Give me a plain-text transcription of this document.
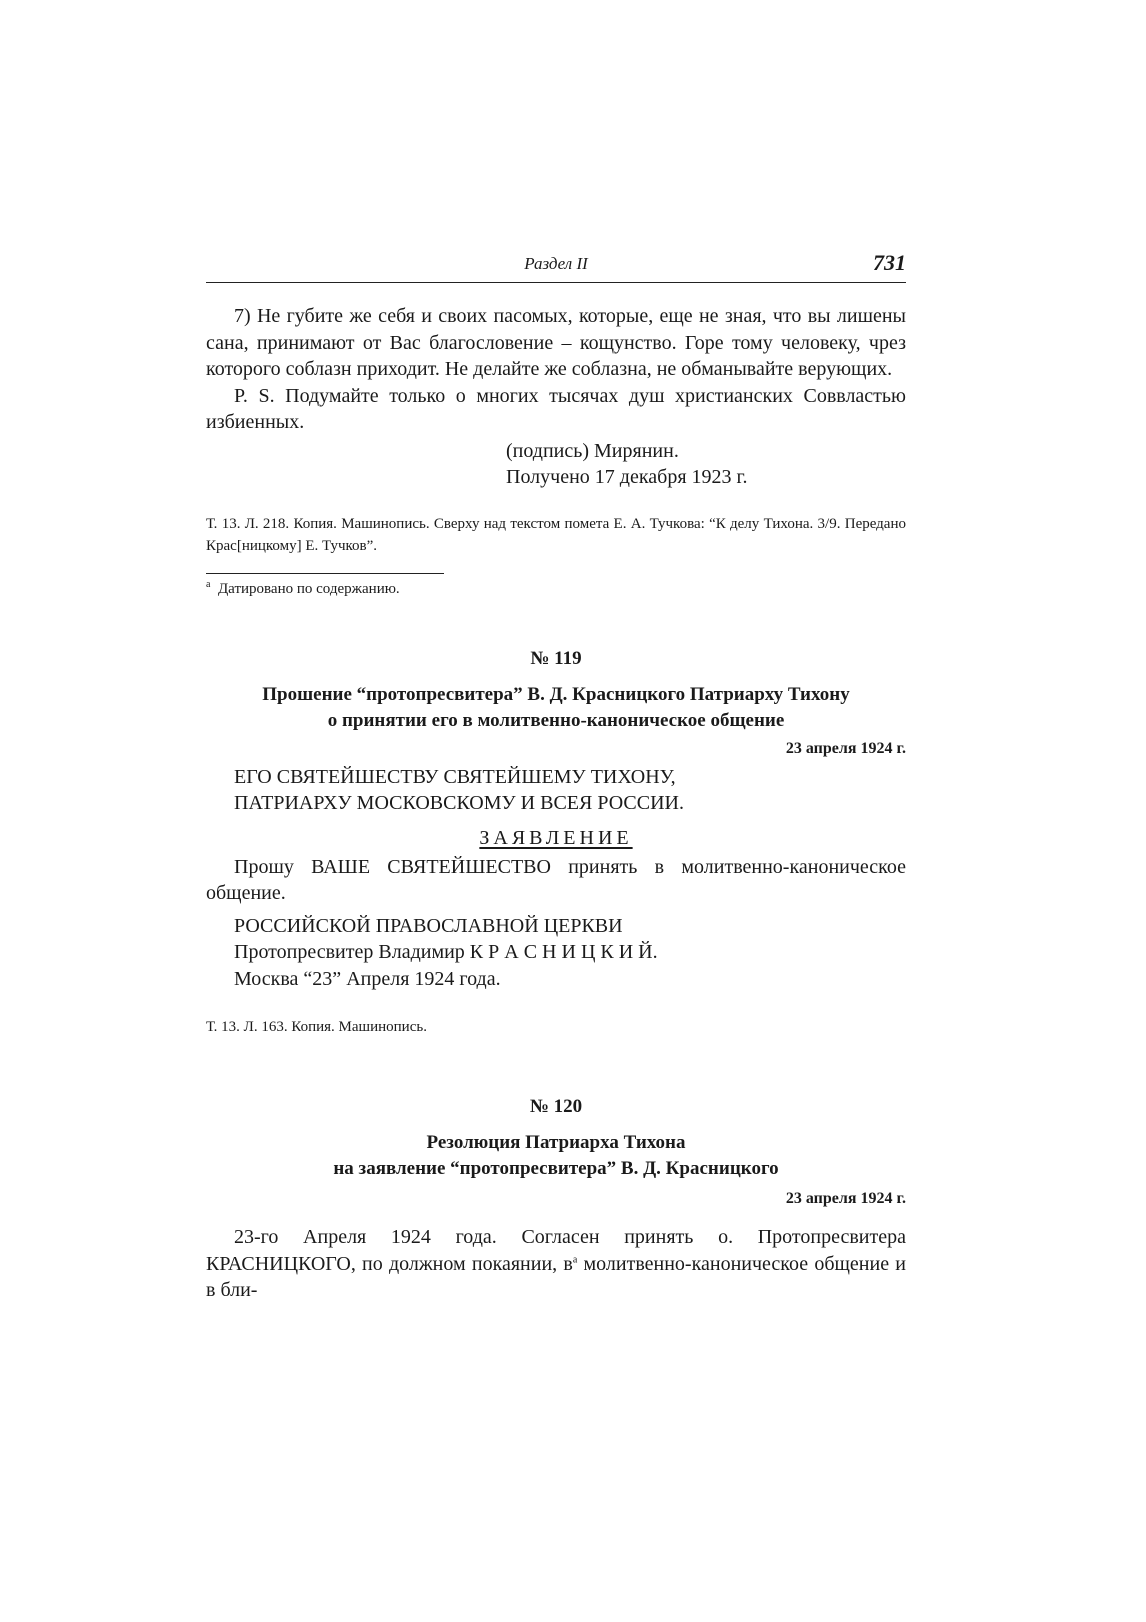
Раздел II	731

7) Не губите же себя и своих пасомых, которые, еще не зная, что вы лишены сана, принимают от Вас благословение – кощунство. Горе тому человеку, чрез которого соблазн приходит. Не делайте же соблазна, не обманывайте верующих.

P. S. Подумайте только о многих тысячах душ христианских Соввластью избиенных.

(подпись) Мирянин.
Получено 17 декабря 1923 г.
Т. 13. Л. 218. Копия. Машинопись. Сверху над текстом помета Е. А. Тучкова: “К делу Тихона. 3/9. Передано Крас[ницкому] Е. Тучков”.
$^а$ Датировано по содержанию.
№ 119
Прошение “протопресвитера” В. Д. Красницкого Патриарху Тихону
о принятии его в молитвенно-каноническое общение
23 апреля 1924 г.
ЕГО СВЯТЕЙШЕСТВУ СВЯТЕЙШЕМУ ТИХОНУ,
ПАТРИАРХУ МОСКОВСКОМУ И ВСЕЯ РОССИИ.
ЗАЯВЛЕНИЕ

Прошу ВАШЕ СВЯТЕЙШЕСТВО принять в молитвенно-каноническое общение.

РОССИЙСКОЙ ПРАВОСЛАВНОЙ ЦЕРКВИ
Протопресвитер Владимир К Р А С Н И Ц К И Й.
Москва “23” Апреля 1924 года.
Т. 13. Л. 163. Копия. Машинопись.
№ 120
Резолюция Патриарха Тихона
на заявление “протопресвитера” В. Д. Красницкого
23 апреля 1924 г.

23-го Апреля 1924 года. Согласен принять о. Протопресвитера КРАСНИЦКОГО, по должном покаянии, $в^а$ молитвенно-каноническое общение и в бли-
